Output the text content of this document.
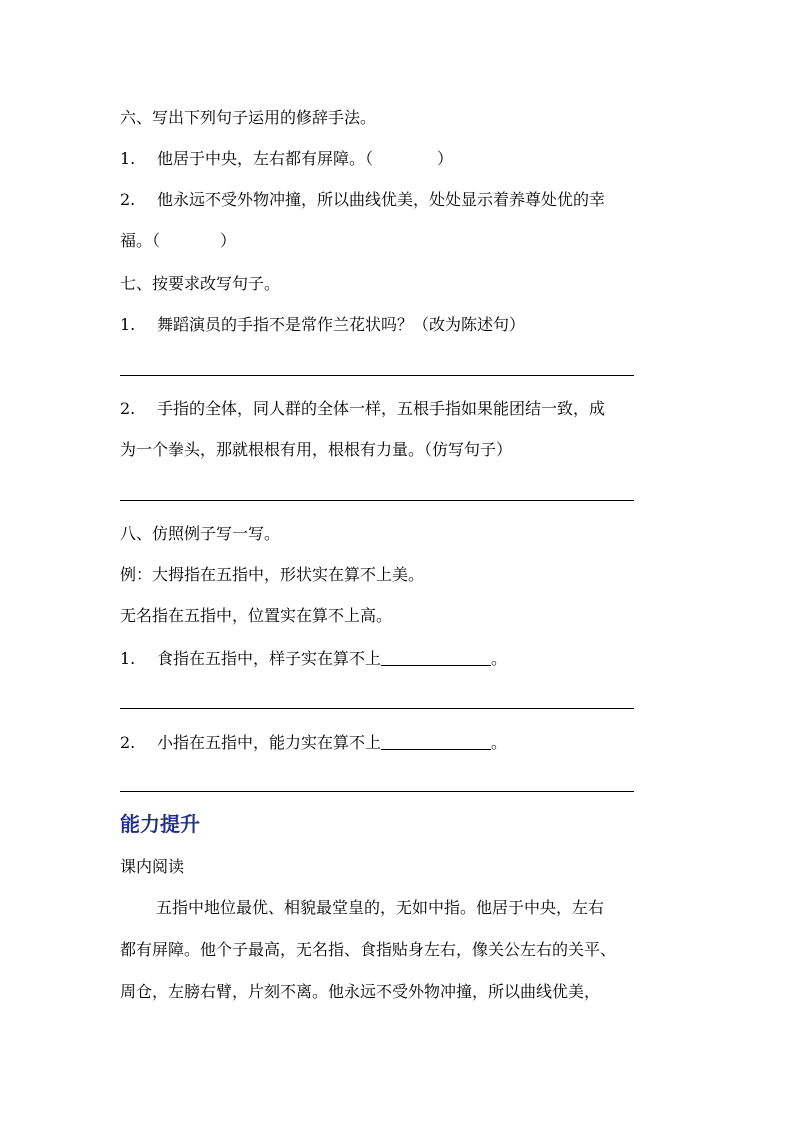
六、写出下列句子运用的修辞手法。
1.	他居于中央，左右都有屏障。（	）
2.	他永远不受外物冲撞，所以曲线优美，处处显示着养尊处优的幸
福。（	）
七、按要求改写句子。
1.	舞蹈演员的手指不是常作兰花状吗？（改为陈述句）
2.	手指的全体，同人群的全体一样，五根手指如果能团结一致，成
为一个拳头，那就根根有用，根根有力量。（仿写句子）
八、仿照例子写一写。
例：大拇指在五指中，形状实在算不上美。
无名指在五指中，位置实在算不上高。
1.	食指在五指中，样子实在算不上	。
2.	小指在五指中，能力实在算不上	。
能力提升
课内阅读
五指中地位最优、相貌最堂皇的，无如中指。他居于中央，左右
都有屏障。他个子最高，无名指、食指贴身左右，像关公左右的关平、
周仓，左膀右臂，片刻不离。他永远不受外物冲撞，所以曲线优美，
